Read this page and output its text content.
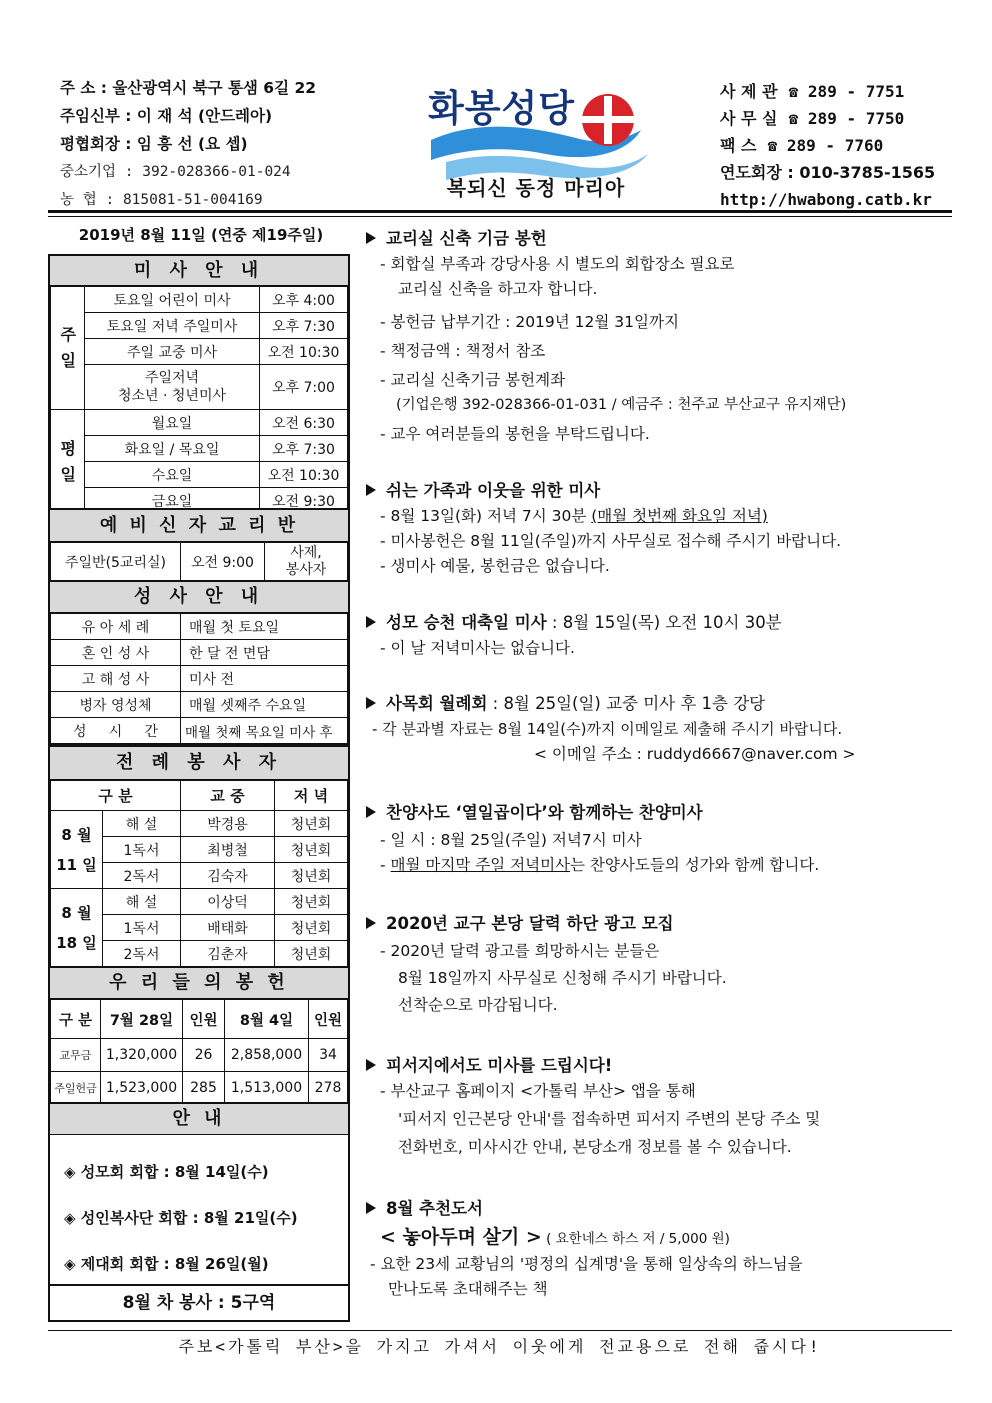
주 소 : 울산광역시 북구 통샘 6길 22
주임신부 : 이 재 석 (안드레아)
평협회장 : 임 흥 선 (요 셉)
중소기업 : 392-028366-01-024
농 협 : 815081-51-004169
화봉성당
복되신 동정 마리아
사 제 관 ☎ 289 - 7751
사 무 실 ☎ 289 - 7750
팩 스 ☎ 289 - 7760
연도회장 : 010-3785-1565
http://hwabong.catb.kr
2019년 8월 11일 (연중 제19주일)
미 사 안 내
주일	토요일 어린이 미사	오후 4:00
	토요일 저녁 주일미사	오후 7:30
	주일 교중 미사	오전 10:30
	주일저녁
청소년 · 청년미사	오후 7:00
평일	월요일	오전 6:30
	화요일 / 목요일	오후 7:30
	수요일	오전 10:30
	금요일	오전 9:30
예 비 신 자 교 리 반
주일반(5교리실)	오전 9:00	사제,
봉사자
성 사 안 내
유 아 세 례	매월 첫 토요일
혼 인 성 사	한 달 전 면담
고 해 성 사	미사 전
병자 영성체	매월 셋째주 수요일
성     시     간	매월 첫째 목요일 미사 후
전 례 봉 사 자
구 분		교 중	저 녁
8 월
11 일	해 설	박경용	청년회
	1독서	최병철	청년회
	2독서	김숙자	청년회
8 월
18 일	해 설	이상덕	청년회
	1독서	배태화	청년회
	2독서	김춘자	청년회
우 리 들 의 봉 헌
구 분	7월 28일	인원	8월 4일	인원
교무금	1,320,000	26	2,858,000	34
주일헌금	1,523,000	285	1,513,000	278
안 내
◈ 성모회 회합 : 8월 14일(수)
◈ 성인복사단 회합 : 8월 21일(수)
◈ 제대회 회합 : 8월 26일(월)
8월 차 봉사 : 5구역
교리실 신축 기금 봉헌
- 회합실 부족과 강당사용 시 별도의 회합장소 필요로
교리실 신축을 하고자 합니다.
- 봉헌금 납부기간 : 2019년 12월 31일까지
- 책정금액 : 책정서 참조
- 교리실 신축기금 봉헌계좌
(기업은행 392-028366-01-031 / 예금주 : 천주교 부산교구 유지재단)
- 교우 여러분들의 봉헌을 부탁드립니다.
쉬는 가족과 이웃을 위한 미사
- 8월 13일(화) 저녁 7시 30분 (매월 첫번째 화요일 저녁)
- 미사봉헌은 8월 11일(주일)까지 사무실로 접수해 주시기 바랍니다.
- 생미사 예물, 봉헌금은 없습니다.
성모 승천 대축일 미사 : 8월 15일(목) 오전 10시 30분
- 이 날 저녁미사는 없습니다.
사목회 월례회 : 8월 25일(일) 교중 미사 후 1층 강당
- 각 분과별 자료는 8월 14일(수)까지 이메일로 제출해 주시기 바랍니다.
< 이메일 주소 : ruddyd6667@naver.com >
찬양사도 ‘열일곱이다’와 함께하는 찬양미사
- 일 시 : 8월 25일(주일) 저녁7시 미사
- 매월 마지막 주일 저녁미사는 찬양사도들의 성가와 함께 합니다.
2020년 교구 본당 달력 하단 광고 모집
- 2020년 달력 광고를 희망하시는 분들은
8월 18일까지 사무실로 신청해 주시기 바랍니다.
선착순으로 마감됩니다.
피서지에서도 미사를 드립시다!
- 부산교구 홈페이지 <가톨릭 부산> 앱을 통해
'피서지 인근본당 안내'를 접속하면 피서지 주변의 본당 주소 및
전화번호, 미사시간 안내, 본당소개 정보를 볼 수 있습니다.
8월 추천도서
< 놓아두며 살기 > ( 요한네스 하스 저 / 5,000 원)
- 요한 23세 교황님의 '평정의 십계명'을 통해 일상속의 하느님을
만나도록 초대해주는 책
주보<가톨릭 부산>을 가지고 가셔서 이웃에게 전교용으로 전해 줍시다!
